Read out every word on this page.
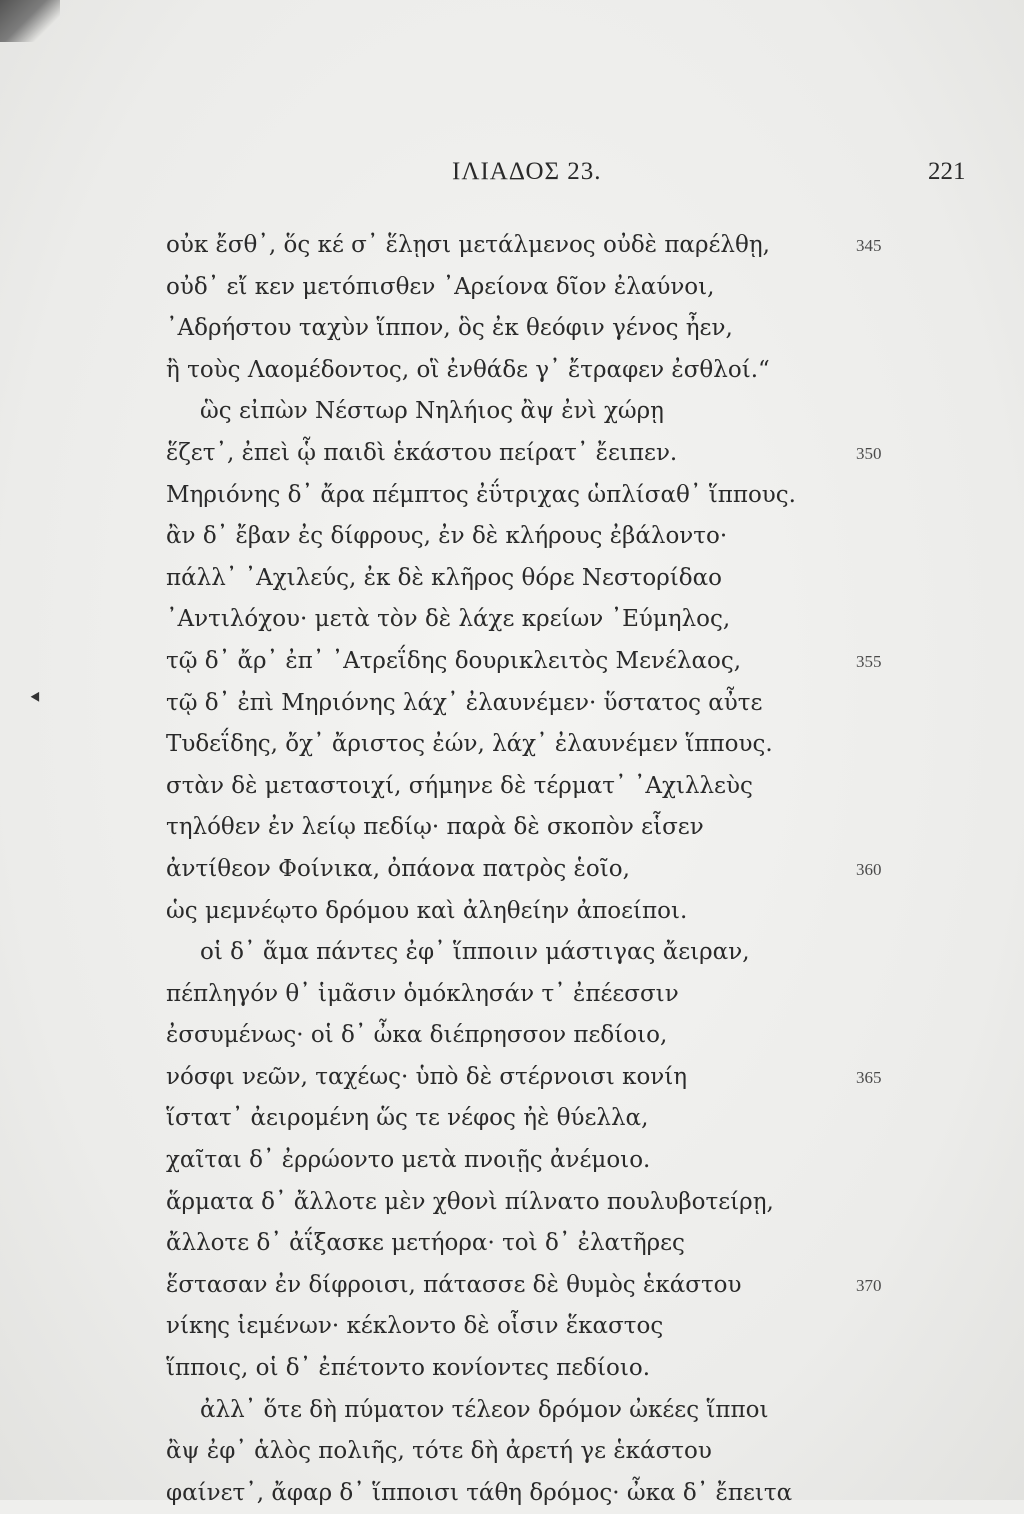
ΙΛΙΑΔΟΣ 23.	221
⯇
οὐκ ἔσθ᾽, ὅς κέ σ᾽ ἕλῃσι μετάλμενος οὐδὲ παρέλθῃ,	345
οὐδ᾽ εἴ κεν μετόπισθεν ᾽Αρείονα δῖον ἐλαύνοι,
᾽Αδρήστου ταχὺν ἵππον, ὃς ἐκ θεόφιν γένος ἦεν,
ἢ τοὺς Λαομέδοντος, οἳ ἐνθάδε γ᾽ ἔτραφεν ἐσθλοί.“
ὣς εἰπὼν Νέστωρ Νηλήιος ἂψ ἐνὶ χώρῃ
ἕζετ᾽, ἐπεὶ ᾧ παιδὶ ἑκάστου πείρατ᾽ ἔειπεν.	350
Μηριόνης δ᾽ ἄρα πέμπτος ἐΰτριχας ὡπλίσαθ᾽ ἵππους.
ἂν δ᾽ ἔβαν ἐς δίφρους, ἐν δὲ κλήρους ἐβάλοντο·
πάλλ᾽ ᾽Αχιλεύς, ἐκ δὲ κλῆρος θόρε Νεστορίδαο
᾽Αντιλόχου· μετὰ τὸν δὲ λάχε κρείων ᾽Εύμηλος,
τῷ δ᾽ ἄρ᾽ ἐπ᾽ ᾽Ατρεΐδης δουρικλειτὸς Μενέλαος,	355
τῷ δ᾽ ἐπὶ Μηριόνης λάχ᾽ ἐλαυνέμεν· ὕστατος αὖτε
Τυδεΐδης, ὄχ᾽ ἄριστος ἐών, λάχ᾽ ἐλαυνέμεν ἵππους.
στὰν δὲ μεταστοιχί, σήμηνε δὲ τέρματ᾽ ᾽Αχιλλεὺς
τηλόθεν ἐν λείῳ πεδίῳ· παρὰ δὲ σκοπὸν εἷσεν
ἀντίθεον Φοίνικα, ὀπάονα πατρὸς ἑοῖο,	360
ὡς μεμνέῳτο δρόμου καὶ ἀληθείην ἀποείποι.
οἱ δ᾽ ἅμα πάντες ἐφ᾽ ἵπποιιν μάστιγας ἄειραν,
πέπληγόν θ᾽ ἱμᾶσιν ὁμόκλησάν τ᾽ ἐπέεσσιν
ἐσσυμένως· οἱ δ᾽ ὦκα διέπρησσον πεδίοιο,
νόσφι νεῶν, ταχέως· ὑπὸ δὲ στέρνοισι κονίη	365
ἵστατ᾽ ἀειρομένη ὥς τε νέφος ἠὲ θύελλα,
χαῖται δ᾽ ἐρρώοντο μετὰ πνοιῇς ἀνέμοιο.
ἅρματα δ᾽ ἄλλοτε μὲν χθονὶ πίλνατο πουλυβοτείρῃ,
ἄλλοτε δ᾽ ἀΐξασκε μετήορα· τοὶ δ᾽ ἐλατῆρες
ἕστασαν ἐν δίφροισι, πάτασσε δὲ θυμὸς ἑκάστου	370
νίκης ἱεμένων· κέκλοντο δὲ οἷσιν ἕκαστος
ἵπποις, οἱ δ᾽ ἐπέτοντο κονίοντες πεδίοιο.
ἀλλ᾽ ὅτε δὴ πύματον τέλεον δρόμον ὠκέες ἵπποι
ἂψ ἐφ᾽ ἁλὸς πολιῆς, τότε δὴ ἀρετή γε ἑκάστου
φαίνετ᾽, ἄφαρ δ᾽ ἵπποισι τάθη δρόμος· ὦκα δ᾽ ἔπειτα
